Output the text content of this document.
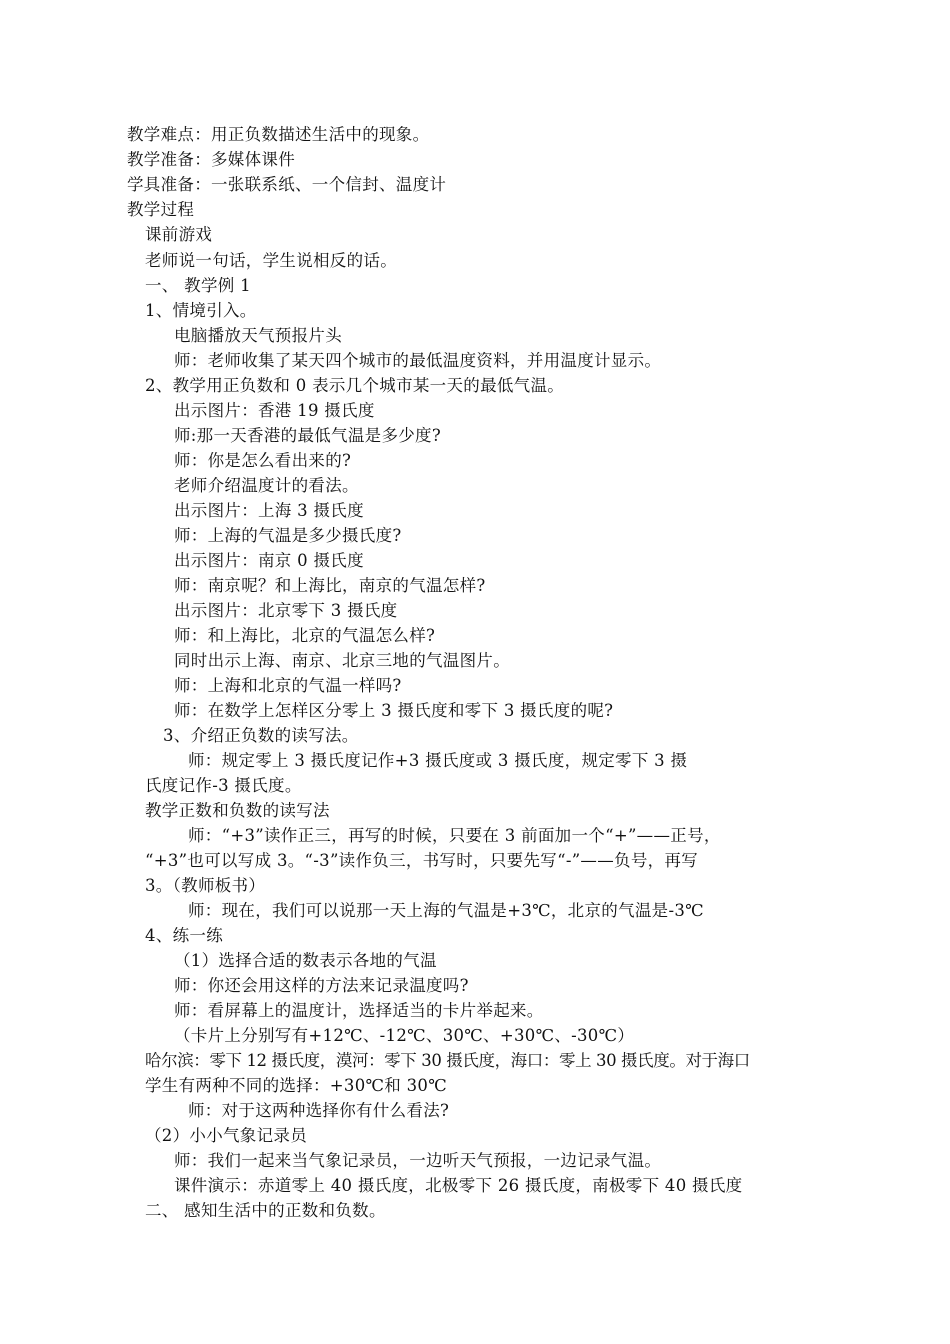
教学难点：用正负数描述生活中的现象。
教学准备：多媒体课件
学具准备：一张联系纸、一个信封、温度计
教学过程
课前游戏
老师说一句话，学生说相反的话。
一、 教学例 1
1、情境引入。
电脑播放天气预报片头
师：老师收集了某天四个城市的最低温度资料，并用温度计显示。
2、教学用正负数和 0 表示几个城市某一天的最低气温。
出示图片：香港 19 摄氏度
师:那一天香港的最低气温是多少度?
师：你是怎么看出来的?
老师介绍温度计的看法。
出示图片：上海 3 摄氏度
师：上海的气温是多少摄氏度?
出示图片：南京 0 摄氏度
师：南京呢？和上海比，南京的气温怎样?
出示图片：北京零下 3 摄氏度
师：和上海比，北京的气温怎么样?
同时出示上海、南京、北京三地的气温图片。
师：上海和北京的气温一样吗?
师：在数学上怎样区分零上 3 摄氏度和零下 3 摄氏度的呢?
3、介绍正负数的读写法。
师：规定零上 3 摄氏度记作+3 摄氏度或 3 摄氏度，规定零下 3 摄
氏度记作-3 摄氏度。
教学正数和负数的读写法
师：“+3”读作正三，再写的时候，只要在 3 前面加一个“+”——正号，
“+3”也可以写成 3。“-3”读作负三，书写时，只要先写“-”——负号，再写
3。（教师板书）
师：现在，我们可以说那一天上海的气温是+3℃，北京的气温是-3℃
4、练一练
（1）选择合适的数表示各地的气温
师：你还会用这样的方法来记录温度吗?
师：看屏幕上的温度计，选择适当的卡片举起来。
（卡片上分别写有+12℃、-12℃、30℃、+30℃、-30℃）
哈尔滨：零下 12 摄氏度，漠河：零下 30 摄氏度，海口：零上 30 摄氏度。对于海口
学生有两种不同的选择：+30℃和 30℃
师：对于这两种选择你有什么看法?
（2）小小气象记录员
师：我们一起来当气象记录员，一边听天气预报，一边记录气温。
课件演示：赤道零上 40 摄氏度，北极零下 26 摄氏度，南极零下 40 摄氏度
二、 感知生活中的正数和负数。
